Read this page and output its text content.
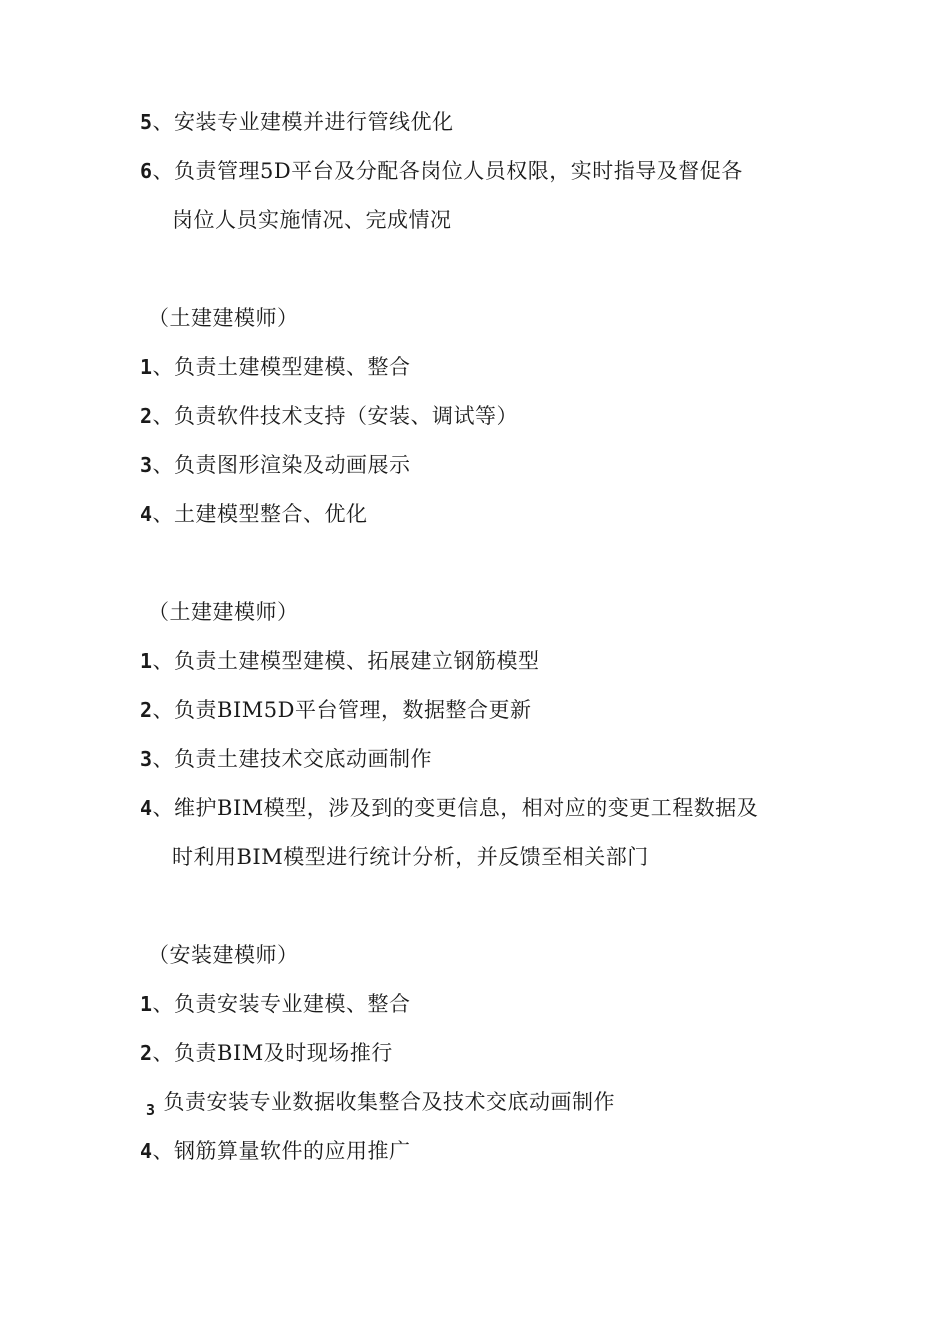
5、安装专业建模并进行管线优化
6、负责管理5D平台及分配各岗位人员权限，实时指导及督促各
岗位人员实施情况、完成情况
（土建建模师）
1、负责土建模型建模、整合
2、负责软件技术支持（安装、调试等）
3、负责图形渲染及动画展示
4、土建模型整合、优化
（土建建模师）
1、负责土建模型建模、拓展建立钢筋模型
2、负责BIM5D平台管理，数据整合更新
3、负责土建技术交底动画制作
4、维护BIM模型，涉及到的变更信息，相对应的变更工程数据及
时利用BIM模型进行统计分析，并反馈至相关部门
（安装建模师）
1、负责安装专业建模、整合
2、负责BIM及时现场推行
$_3$ 负责安装专业数据收集整合及技术交底动画制作
4、钢筋算量软件的应用推广
